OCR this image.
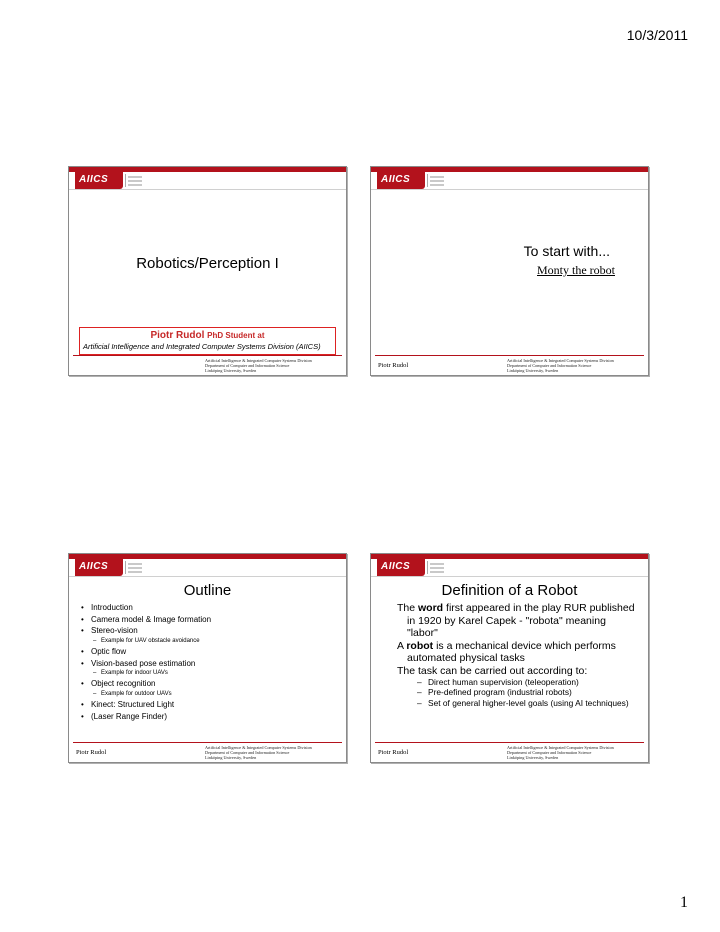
10/3/2011
AIICS
Robotics/Perception I
Piotr Rudol PhD Student at
Artificial Intelligence and Integrated Computer Systems Division (AIICS)
Artificial Intelligence & Integrated Computer Systems Division
Department of Computer and Information Science
Linköping University, Sweden
AIICS
To start with...
Monty the robot
Piotr Rudol
Artificial Intelligence & Integrated Computer Systems Division
Department of Computer and Information Science
Linköping University, Sweden
AIICS
Outline
• Introduction
• Camera model & Image formation
• Stereo-vision
– Example for UAV obstacle avoidance
• Optic flow
• Vision-based pose estimation
– Example for indoor UAVs
• Object recognition
– Example for outdoor UAVs
• Kinect: Structured Light
• (Laser Range Finder)
Piotr Rudol
Artificial Intelligence & Integrated Computer Systems Division
Department of Computer and Information Science
Linköping University, Sweden
AIICS
Definition of a Robot

The word first appeared in the play RUR published in 1920 by Karel Capek - "robota" meaning "labor"

A robot is a mechanical device which performs automated physical tasks

The task can be carried out according to:

– Direct human supervision (teleoperation)
– Pre-defined program (industrial robots)
– Set of general higher-level goals (using AI techniques)
Piotr Rudol
Artificial Intelligence & Integrated Computer Systems Division
Department of Computer and Information Science
Linköping University, Sweden
1
